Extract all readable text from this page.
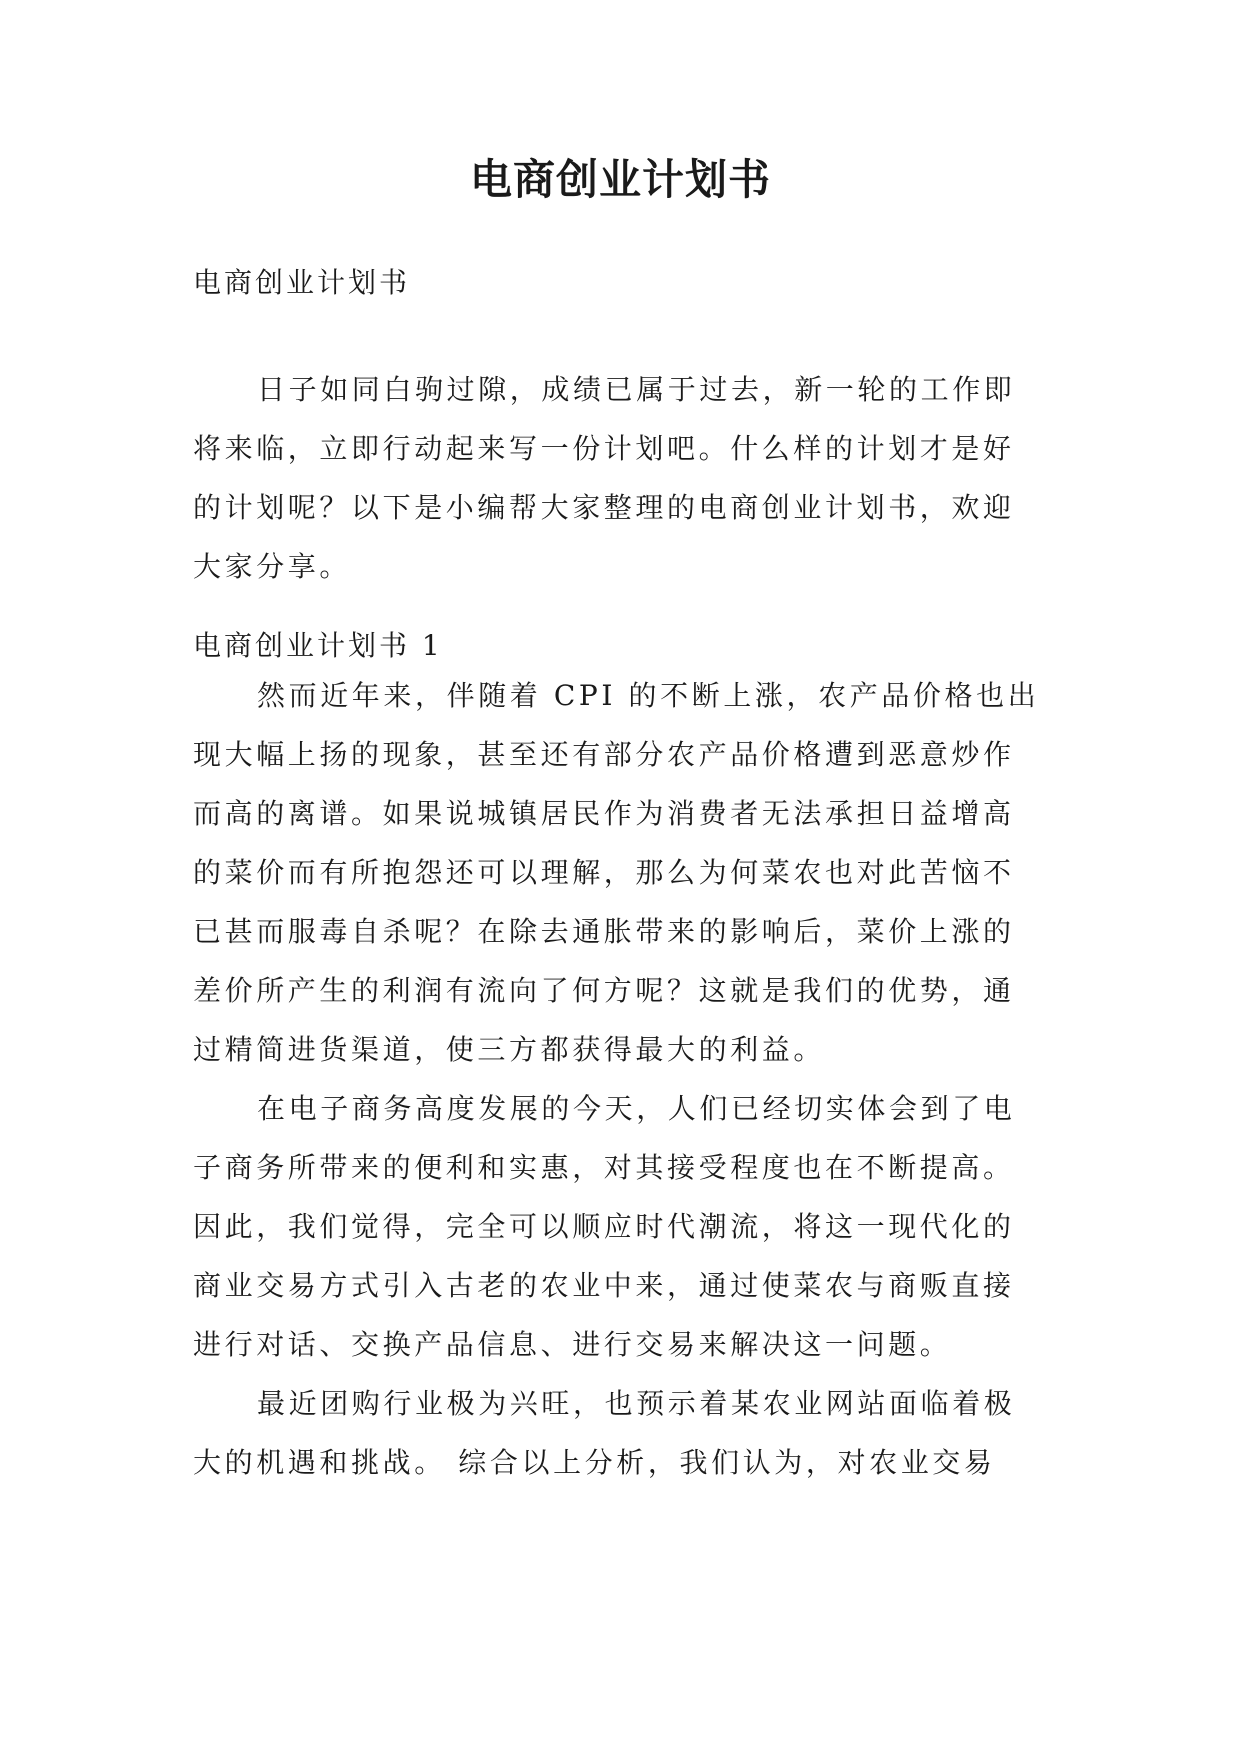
电商创业计划书

电商创业计划书

日子如同白驹过隙，成绩已属于过去，新一轮的工作即
将来临，立即行动起来写一份计划吧。什么样的计划才是好
的计划呢？以下是小编帮大家整理的电商创业计划书，欢迎
大家分享。

电商创业计划书 1

然而近年来，伴随着 CPI 的不断上涨，农产品价格也出
现大幅上扬的现象，甚至还有部分农产品价格遭到恶意炒作
而高的离谱。如果说城镇居民作为消费者无法承担日益增高
的菜价而有所抱怨还可以理解，那么为何菜农也对此苦恼不
已甚而服毒自杀呢？在除去通胀带来的影响后，菜价上涨的
差价所产生的利润有流向了何方呢？这就是我们的优势，通
过精简进货渠道，使三方都获得最大的利益。
在电子商务高度发展的今天，人们已经切实体会到了电
子商务所带来的便利和实惠，对其接受程度也在不断提高。
因此，我们觉得，完全可以顺应时代潮流，将这一现代化的
商业交易方式引入古老的农业中来，通过使菜农与商贩直接
进行对话、交换产品信息、进行交易来解决这一问题。
最近团购行业极为兴旺，也预示着某农业网站面临着极
大的机遇和挑战。 综合以上分析，我们认为，对农业交易
